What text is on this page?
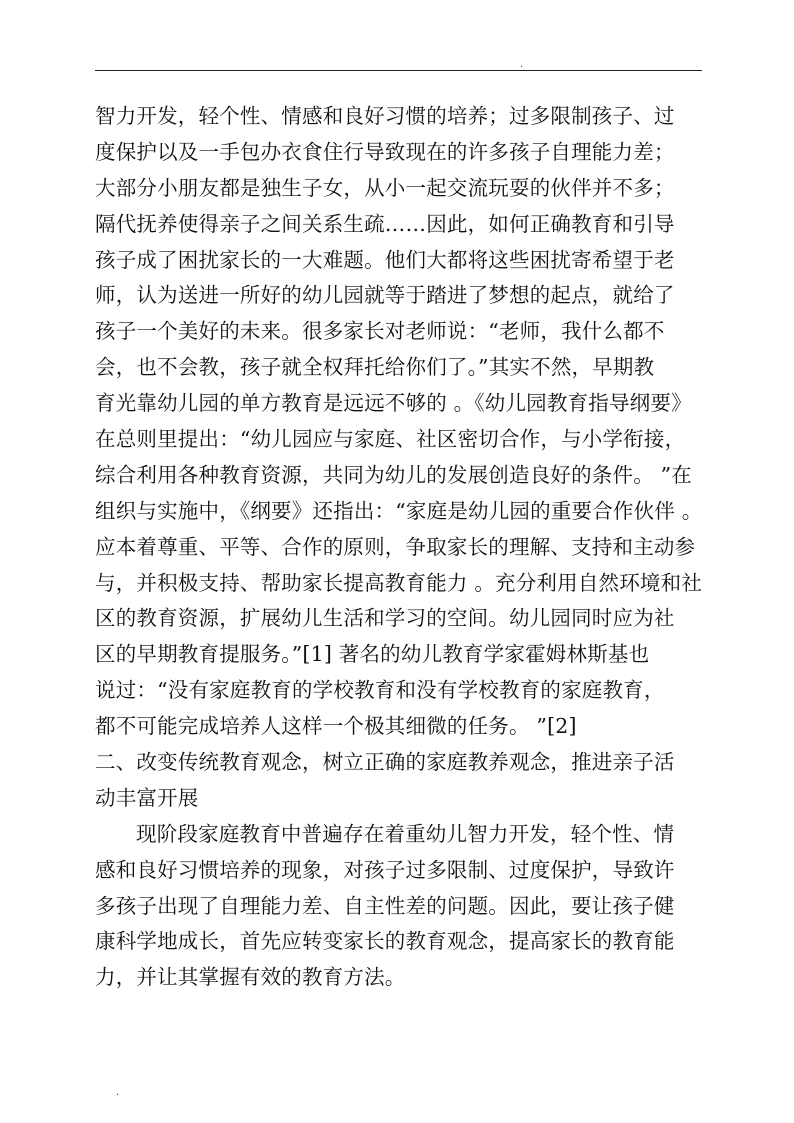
.
智力开发，轻个性、情感和良好习惯的培养；过多限制孩子、过
度保护以及一手包办衣食住行导致现在的许多孩子自理能力差；
大部分小朋友都是独生子女，从小一起交流玩耍的伙伴并不多；
隔代抚养使得亲子之间关系生疏……因此，如何正确教育和引导
孩子成了困扰家长的一大难题。他们大都将这些困扰寄希望于老
师，认为送进一所好的幼儿园就等于踏进了梦想的起点，就给了
孩子一个美好的未来。很多家长对老师说：“老师，我什么都不
会，也不会教，孩子就全权拜托给你们了。”其实不然，早期教
育光靠幼儿园的单方教育是远远不够的 。《幼儿园教育指导纲要》
在总则里提出：“幼儿园应与家庭、社区密切合作，与小学衔接，
综合利用各种教育资源，共同为幼儿的发展创造良好的条件。 ”在
组织与实施中，《纲要》还指出：“家庭是幼儿园的重要合作伙伴 。
应本着尊重、平等、合作的原则，争取家长的理解、支持和主动参
与，并积极支持、帮助家长提高教育能力 。充分利用自然环境和社
区的教育资源，扩展幼儿生活和学习的空间。幼儿园同时应为社
区的早期教育提服务。”[1] 著名的幼儿教育学家霍姆林斯基也
说过：“没有家庭教育的学校教育和没有学校教育的家庭教育，
都不可能完成培养人这样一个极其细微的任务。 ”[2]
二、改变传统教育观念，树立正确的家庭教养观念，推进亲子活
动丰富开展
现阶段家庭教育中普遍存在着重幼儿智力开发，轻个性、情
感和良好习惯培养的现象，对孩子过多限制、过度保护，导致许
多孩子出现了自理能力差、自主性差的问题。因此，要让孩子健
康科学地成长，首先应转变家长的教育观念，提高家长的教育能
力，并让其掌握有效的教育方法。
.
